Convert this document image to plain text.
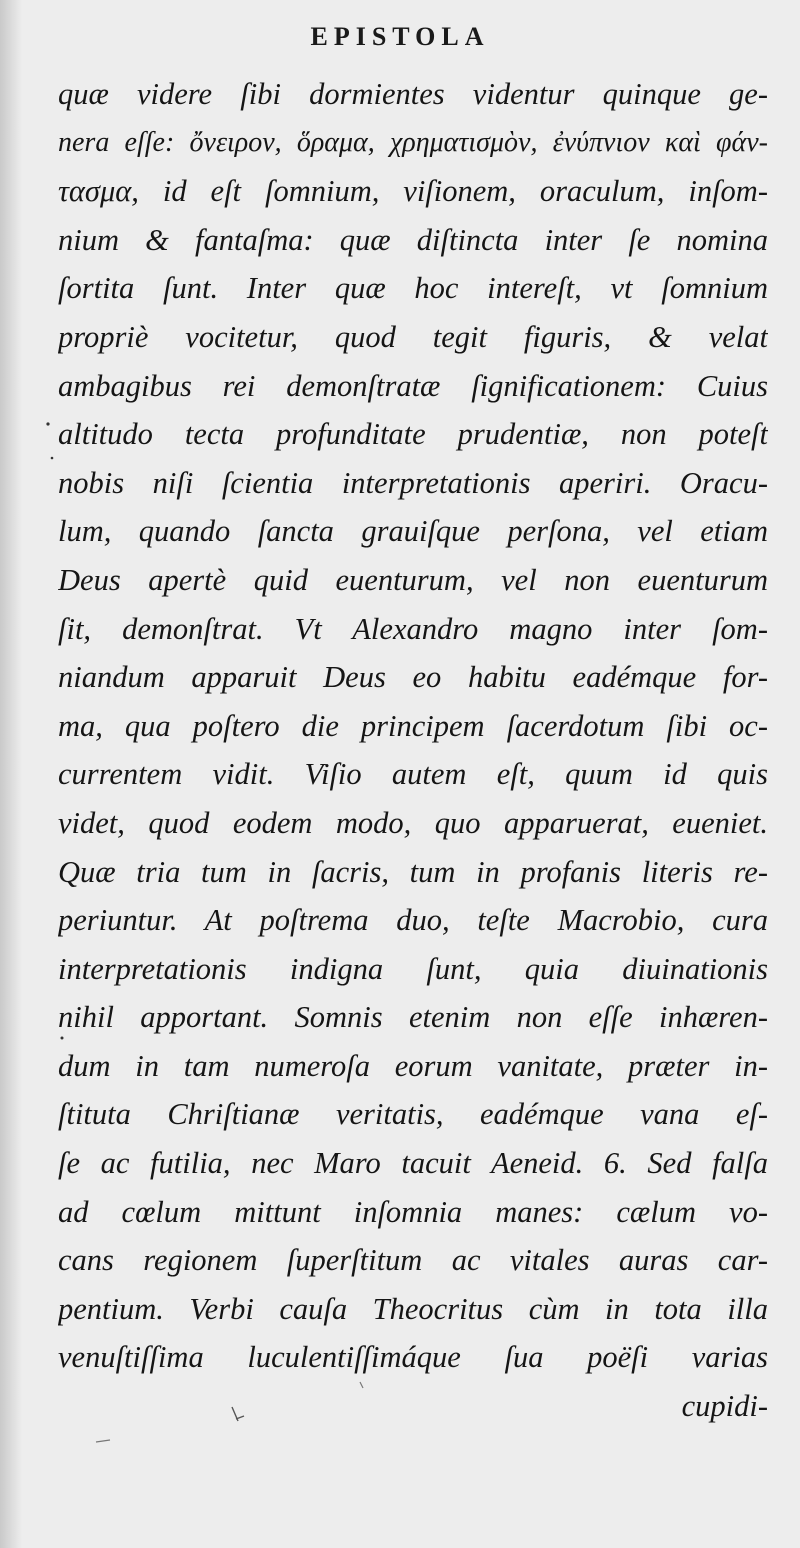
EPISTOLA
quæ videre ſibi dormientes videntur quinque ge-
nera eſſe: ὄνειρον, ὅραμα, χρηματισμὸν, ἐνύπνιον καὶ φάν-
τασμα, id eſt ſomnium, viſionem, oraculum, inſom-
nium & fantaſma: quæ diſtincta inter ſe nomina
ſortita ſunt. Inter quæ hoc intereſt, vt ſomnium
propriè vocitetur, quod tegit figuris, & velat
ambagibus rei demonſtratæ ſignificationem: Cuius
altitudo tecta profunditate prudentiæ, non poteſt
nobis niſi ſcientia interpretationis aperiri. Oracu-
lum, quando ſancta grauiſque perſona, vel etiam
Deus apertè quid euenturum, vel non euenturum
ſit, demonſtrat. Vt Alexandro magno inter ſom-
niandum apparuit Deus eo habitu eadémque for-
ma, qua poſtero die principem ſacerdotum ſibi oc-
currentem vidit. Viſio autem eſt, quum id quis
videt, quod eodem modo, quo apparuerat, eueniet.
Quæ tria tum in ſacris, tum in profanis literis re-
periuntur. At poſtrema duo, teſte Macrobio, cura
interpretationis indigna ſunt, quia diuinationis
nihil apportant. Somnis etenim non eſſe inhæren-
dum in tam numeroſa eorum vanitate, præter in-
ſtituta Chriſtianæ veritatis, eadémque vana eſ-
ſe ac futilia, nec Maro tacuit Aeneid. 6. Sed falſa
ad cœlum mittunt inſomnia manes: cælum vo-
cans regionem ſuperſtitum ac vitales auras car-
pentium. Verbi cauſa Theocritus cùm in tota illa
venuſtiſſima luculentiſſimáque ſua poëſi varias
cupidi-
